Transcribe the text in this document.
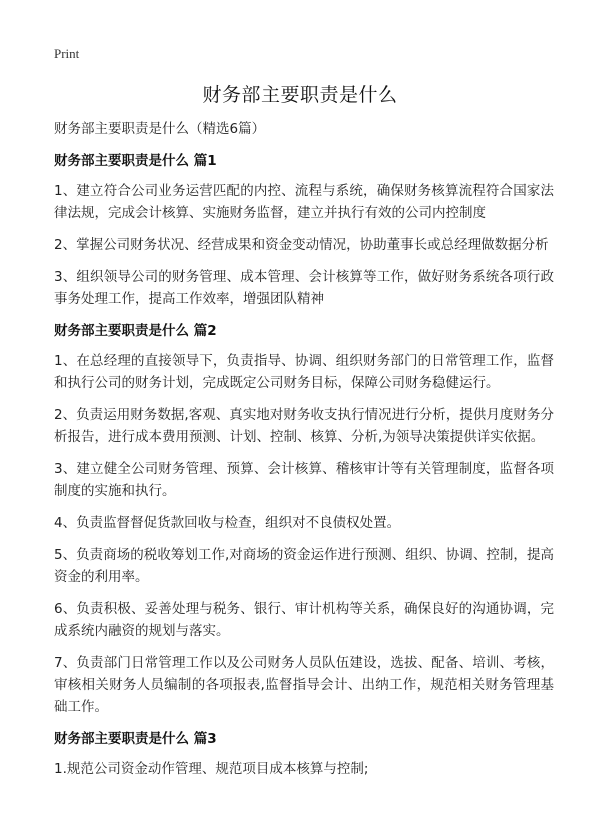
Print
财务部主要职责是什么
财务部主要职责是什么（精选6篇）
财务部主要职责是什么 篇1
1、建立符合公司业务运营匹配的内控、流程与系统，确保财务核算流程符合国家法律法规，完成会计核算、实施财务监督，建立并执行有效的公司内控制度
2、掌握公司财务状况、经营成果和资金变动情况，协助董事长或总经理做数据分析
3、组织领导公司的财务管理、成本管理、会计核算等工作，做好财务系统各项行政事务处理工作，提高工作效率，增强团队精神
财务部主要职责是什么 篇2
1、在总经理的直接领导下，负责指导、协调、组织财务部门的日常管理工作，监督和执行公司的财务计划，完成既定公司财务目标，保障公司财务稳健运行。
2、负责运用财务数据,客观、真实地对财务收支执行情况进行分析，提供月度财务分析报告，进行成本费用预测、计划、控制、核算、分析,为领导决策提供详实依据。
3、建立健全公司财务管理、预算、会计核算、稽核审计等有关管理制度，监督各项制度的实施和执行。
4、负责监督督促货款回收与检查，组织对不良债权处置。
5、负责商场的税收筹划工作,对商场的资金运作进行预测、组织、协调、控制，提高资金的利用率。
6、负责积极、妥善处理与税务、银行、审计机构等关系，确保良好的沟通协调，完成系统内融资的规划与落实。
7、负责部门日常管理工作以及公司财务人员队伍建设，选拔、配备、培训、考核，审核相关财务人员编制的各项报表,监督指导会计、出纳工作，规范相关财务管理基础工作。
财务部主要职责是什么 篇3
1.规范公司资金动作管理、规范项目成本核算与控制;
